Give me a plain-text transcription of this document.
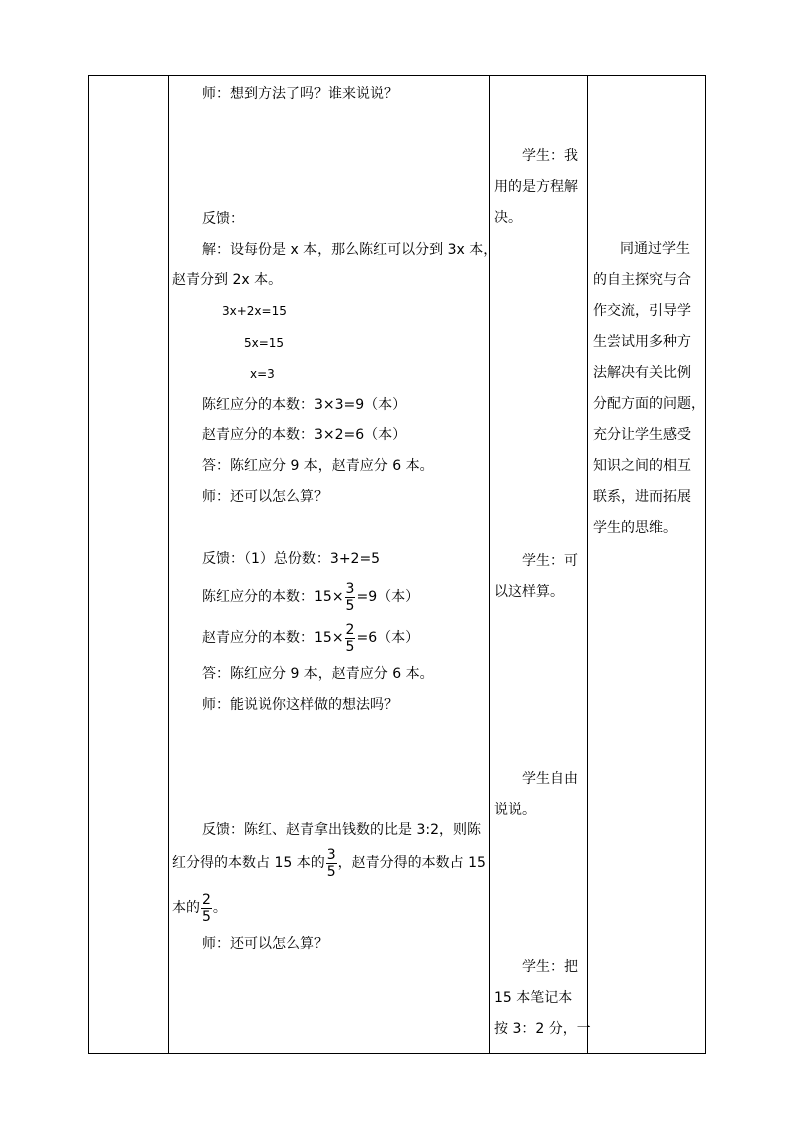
师：想到方法了吗？谁来说说？
反馈：
解：设每份是 x 本，那么陈红可以分到 3x 本，
赵青分到 2x 本。
3x+2x=15
5x=15
x=3
陈红应分的本数：3×3=9（本）
赵青应分的本数：3×2=6（本）
答：陈红应分 9 本，赵青应分 6 本。
师：还可以怎么算？
反馈：（1）总份数：3+2=5
陈红应分的本数：$15\times \frac{3}{5} =9$（本）
赵青应分的本数：$15\times \frac{2}{5} =6$（本）
答：陈红应分 9 本，赵青应分 6 本。
师：能说说你这样做的想法吗？
反馈：陈红、赵青拿出钱数的比是 3:2，则陈
红分得的本数占 15 本的 $\frac{3}{5}$ ，赵青分得的本数占 15
本的 $\frac{2}{5}$ 。
师：还可以怎么算？
学生：我
用的是方程解
决。
学生：可
以这样算。
学生自由
说说。
学生：把
15 本笔记本
按 3：2 分，一
同通过学生
的自主探究与合
作交流，引导学
生尝试用多种方
法解决有关比例
分配方面的问题，
充分让学生感受
知识之间的相互
联系，进而拓展
学生的思维。
